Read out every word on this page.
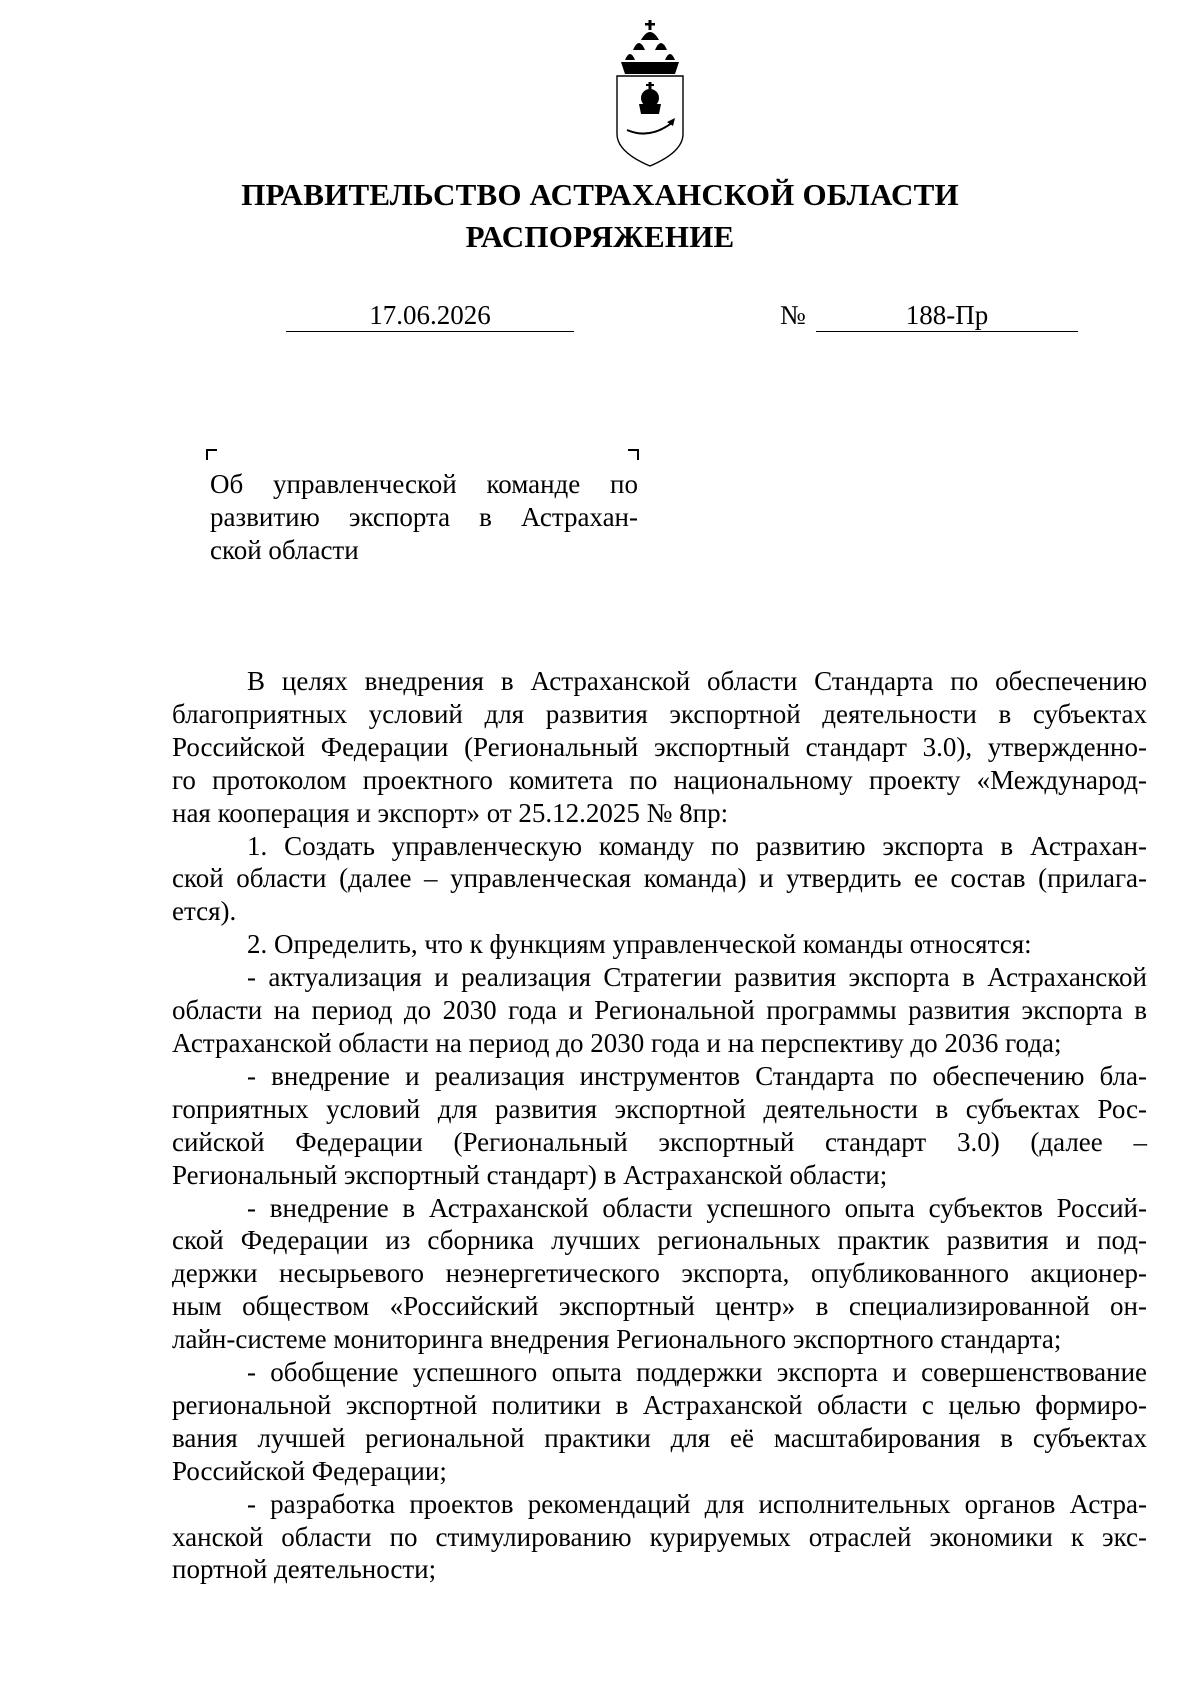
ПРАВИТЕЛЬСТВО АСТРАХАНСКОЙ ОБЛАСТИ
РАСПОРЯЖЕНИЕ
17.06.2026	№	188-Пр
Об управленческой команде по
развитию экспорта в Астрахан-
ской области
В целях внедрения в Астраханской области Стандарта по обеспечению
благоприятных условий для развития экспортной деятельности в субъектах
Российской Федерации (Региональный экспортный стандарт 3.0), утвержденно-
го протоколом проектного комитета по национальному проекту «Международ-
ная кооперация и экспорт» от 25.12.2025 № 8пр:
1. Создать управленческую команду по развитию экспорта в Астрахан-
ской области (далее – управленческая команда) и утвердить ее состав (прилага-
ется).
2. Определить, что к функциям управленческой команды относятся:
- актуализация и реализация Стратегии развития экспорта в Астраханской
области на период до 2030 года и Региональной программы развития экспорта в
Астраханской области на период до 2030 года и на перспективу до 2036 года;
- внедрение и реализация инструментов Стандарта по обеспечению бла-
гоприятных условий для развития экспортной деятельности в субъектах Рос-
сийской Федерации (Региональный экспортный стандарт 3.0) (далее –
Региональный экспортный стандарт) в Астраханской области;
- внедрение в Астраханской области успешного опыта субъектов Россий-
ской Федерации из сборника лучших региональных практик развития и под-
держки несырьевого неэнергетического экспорта, опубликованного акционер-
ным обществом «Российский экспортный центр» в специализированной он-
лайн-системе мониторинга внедрения Регионального экспортного стандарта;
- обобщение успешного опыта поддержки экспорта и совершенствование
региональной экспортной политики в Астраханской области с целью формиро-
вания лучшей региональной практики для её масштабирования в субъектах
Российской Федерации;
- разработка проектов рекомендаций для исполнительных органов Астра-
ханской области по стимулированию курируемых отраслей экономики к экс-
портной деятельности;
